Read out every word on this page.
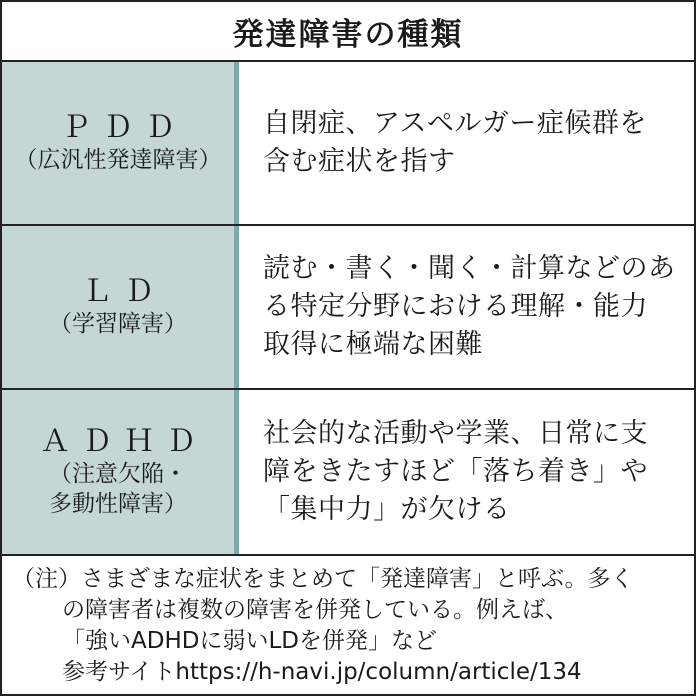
発達障害の種類
ＰＤＤ
（広汎性発達障害）
自閉症、アスペルガー症候群を
含む症状を指す
ＬＤ
（学習障害）
読む・書く・聞く・計算などのあ
る特定分野における理解・能力
取得に極端な困難
ＡＤＨＤ
（注意欠陥・
多動性障害）
社会的な活動や学業、日常に支
障をきたすほど「落ち着き」や
「集中力」が欠ける
（注）さまざまな症状をまとめて「発達障害」と呼ぶ。多く
の障害者は複数の障害を併発している。例えば、
「強いADHDに弱いLDを併発」など
参考サイトhttps://h-navi.jp/column/article/134
